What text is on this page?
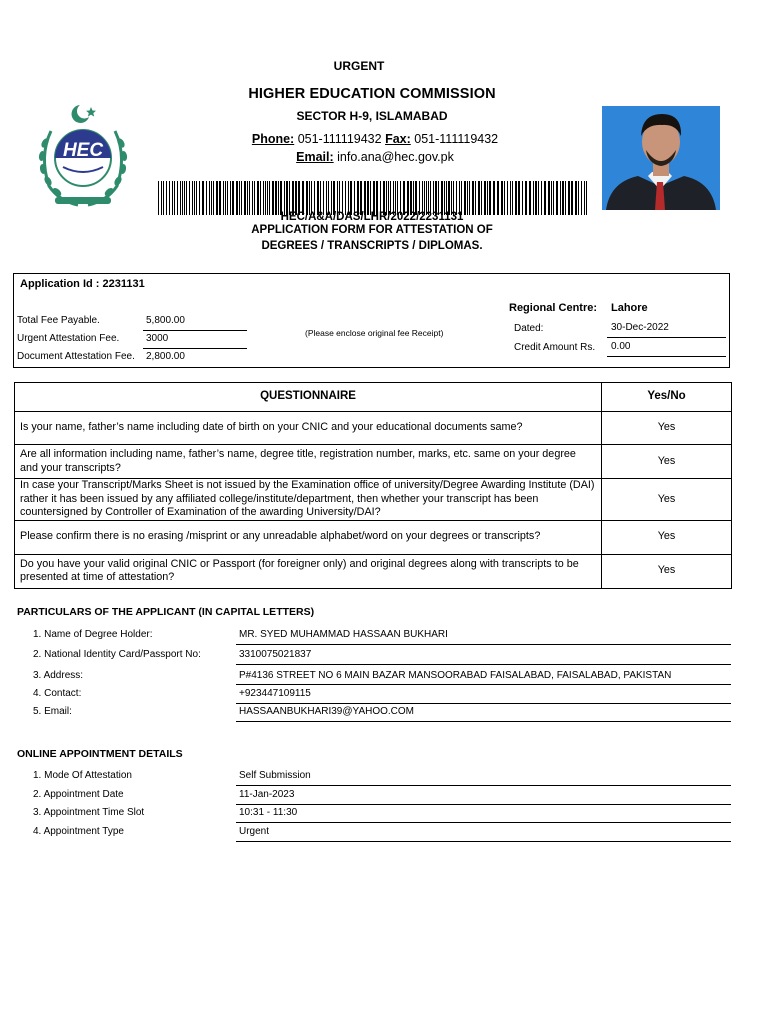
URGENT
HIGHER EDUCATION COMMISSION
SECTOR H-9, ISLAMABAD
Phone: 051-111119432 Fax: 051-111119432
Email: info.ana@hec.gov.pk
HEC
HEC/A&A/DAS/LHR/2022/2231131
APPLICATION FORM FOR ATTESTATION OF
DEGREES / TRANSCRIPTS / DIPLOMAS.
Application Id : 2231131
Total Fee Payable.	5,800.00
Urgent Attestation Fee.	3000
Document Attestation Fee. 2,800.00
(Please enclose original fee Receipt)
Regional Centre: Lahore
Dated:	30-Dec-2022
Credit Amount Rs. 0.00
QUESTIONNAIRE	Yes/No
Is your name, father’s name including date of birth on your CNIC and your educational documents same?	Yes
Are all information including name, father’s name, degree title, registration number, marks, etc. same on your degree and your transcripts?	Yes
In case your Transcript/Marks Sheet is not issued by the Examination office of university/Degree Awarding Institute (DAI) rather it has been issued by any affiliated college/institute/department, then whether your transcript has been countersigned by Controller of Examination of the awarding University/DAI?	Yes
Please confirm there is no erasing /misprint or any unreadable alphabet/word on your degrees or transcripts?	Yes
Do you have your valid original CNIC or Passport (for foreigner only) and original degrees along with transcripts to be presented at time of attestation?	Yes
PARTICULARS OF THE APPLICANT (IN CAPITAL LETTERS)
1. Name of Degree Holder:	MR. SYED MUHAMMAD HASSAAN BUKHARI
2. National Identity Card/Passport No:	3310075021837
3. Address:	P#4136 STREET NO 6 MAIN BAZAR MANSOORABAD FAISALABAD, FAISALABAD, PAKISTAN
4. Contact:	+923447109115
5. Email:	HASSAANBUKHARI39@YAHOO.COM
ONLINE APPOINTMENT DETAILS
1. Mode Of Attestation	Self Submission
2. Appointment Date	11-Jan-2023
3. Appointment Time Slot	10:31 - 11:30
4. Appointment Type	Urgent
